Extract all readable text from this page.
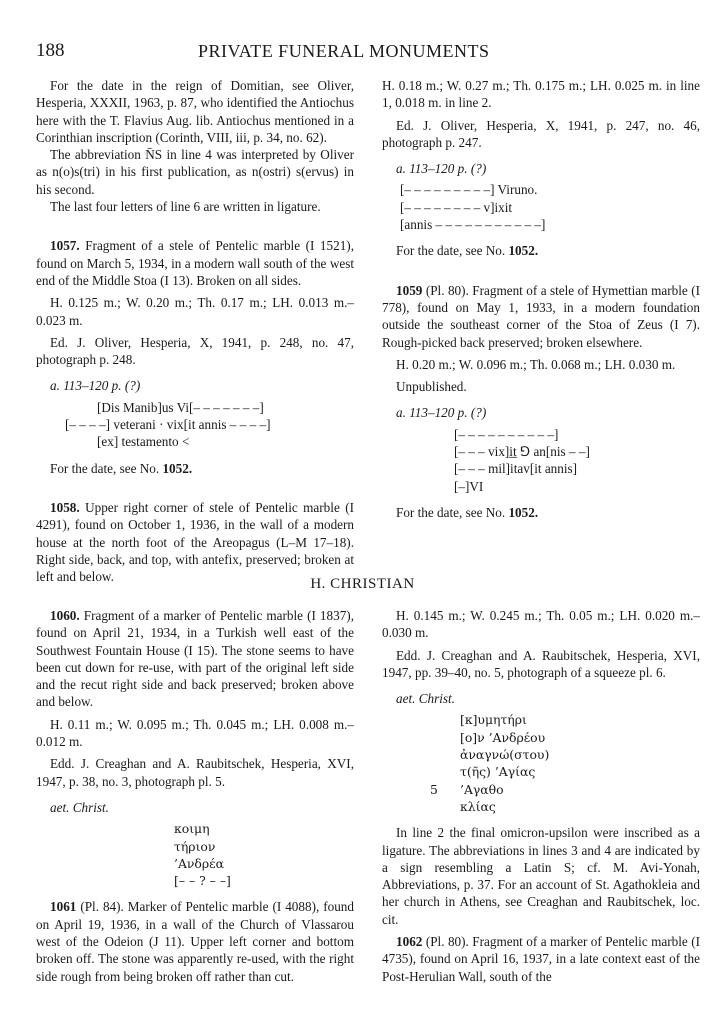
188	PRIVATE FUNERAL MONUMENTS

For the date in the reign of Domitian, see Oliver, Hesperia, XXXII, 1963, p. 87, who identified the Antiochus here with the T. Flavius Aug. lib. Antiochus mentioned in a Corinthian inscription (Corinth, VIII, iii, p. 34, no. 62).

The abbreviation N̄S in line 4 was interpreted by Oliver as n(o)s(tri) in his first publication, as n(ostri) s(ervus) in his second.

The last four letters of line 6 are written in ligature.

1057. Fragment of a stele of Pentelic marble (I 1521), found on March 5, 1934, in a modern wall south of the west end of the Middle Stoa (I 13). Broken on all sides.

H. 0.125 m.; W. 0.20 m.; Th. 0.17 m.; LH. 0.013 m.–0.023 m.

Ed. J. Oliver, Hesperia, X, 1941, p. 248, no. 47, photograph p. 248.

a. 113–120 p. (?)

[Dis Manib]us Vi[– – – – – – –]
[– – – –] veterani · vix[it annis – – – –]
[ex] testamento <

For the date, see No. 1052.

1058. Upper right corner of stele of Pentelic marble (I 4291), found on October 1, 1936, in the wall of a modern house at the north foot of the Areopagus (L–M 17–18). Right side, back, and top, with antefix, preserved; broken at left and below.

H. 0.18 m.; W. 0.27 m.; Th. 0.175 m.; LH. 0.025 m. in line 1, 0.018 m. in line 2.

Ed. J. Oliver, Hesperia, X, 1941, p. 247, no. 46, photograph p. 247.

a. 113–120 p. (?)

[– – – – – – – – –] Viruno.
[– – – – – – – – v]ixit
[annis – – – – – – – – – – –]

For the date, see No. 1052.

1059 (Pl. 80). Fragment of a stele of Hymettian marble (I 778), found on May 1, 1933, in a modern foundation outside the southeast corner of the Stoa of Zeus (I 7). Rough-picked back preserved; broken elsewhere.

H. 0.20 m.; W. 0.096 m.; Th. 0.068 m.; LH. 0.030 m.

Unpublished.

a. 113–120 p. (?)

[– – – – – – – – – –]
[– – – vix]i̱ṯ ⅁ an[nis – –]
[– – – mil]itav[it annis]
[–]VI

For the date, see No. 1052.

H. CHRISTIAN

1060. Fragment of a marker of Pentelic marble (I 1837), found on April 21, 1934, in a Turkish well east of the Southwest Fountain House (I 15). The stone seems to have been cut down for re-use, with part of the original left side and the recut right side and back preserved; broken above and below.

H. 0.11 m.; W. 0.095 m.; Th. 0.045 m.; LH. 0.008 m.–0.012 m.

Edd. J. Creaghan and A. Raubitschek, Hesperia, XVI, 1947, p. 38, no. 3, photograph pl. 5.

aet. Christ.

κοιμη
τήριον
’Ανδρέα
[– – ? – –]

1061 (Pl. 84). Marker of Pentelic marble (I 4088), found on April 19, 1936, in a wall of the Church of Vlassarou west of the Odeion (J 11). Upper left corner and bottom broken off. The stone was apparently re-used, with the right side rough from being broken off rather than cut.

H. 0.145 m.; W. 0.245 m.; Th. 0.05 m.; LH. 0.020 m.–0.030 m.

Edd. J. Creaghan and A. Raubitschek, Hesperia, XVI, 1947, pp. 39–40, no. 5, photograph of a squeeze pl. 6.

aet. Christ.

[κ]υμητήρι
[ο]ν ’Ανδρέου
ἀναγνώ(στου)
τ(ῆς) ’Αγίας
5 ’Αγαθο
κλίας

In line 2 the final omicron-upsilon were inscribed as a ligature. The abbreviations in lines 3 and 4 are indicated by a sign resembling a Latin S; cf. M. Avi-Yonah, Abbreviations, p. 37. For an account of St. Agathokleia and her church in Athens, see Creaghan and Raubitschek, loc. cit.

1062 (Pl. 80). Fragment of a marker of Pentelic marble (I 4735), found on April 16, 1937, in a late context east of the Post-Herulian Wall, south of the
